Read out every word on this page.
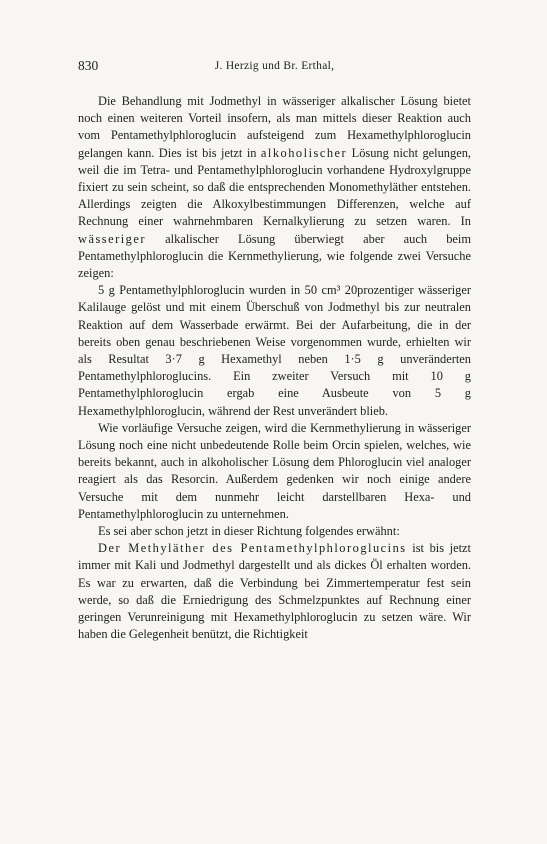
830	J. Herzig und Br. Erthal,

Die Behandlung mit Jodmethyl in wässeriger alkalischer Lösung bietet noch einen weiteren Vorteil insofern, als man mittels dieser Reaktion auch vom Pentamethylphloroglucin aufsteigend zum Hexamethylphloroglucin gelangen kann. Dies ist bis jetzt in alkoholischer Lösung nicht gelungen, weil die im Tetra- und Pentamethylphloroglucin vorhandene Hydroxylgruppe fixiert zu sein scheint, so daß die entsprechenden Monomethyläther entstehen. Allerdings zeigten die Alkoxylbestimmungen Differenzen, welche auf Rechnung einer wahrnehmbaren Kernalkylierung zu setzen waren. In wässeriger alkalischer Lösung überwiegt aber auch beim Pentamethylphloroglucin die Kernmethylierung, wie folgende zwei Versuche zeigen:

5 g Pentamethylphloroglucin wurden in 50 cm³ 20prozentiger wässeriger Kalilauge gelöst und mit einem Überschuß von Jodmethyl bis zur neutralen Reaktion auf dem Wasserbade erwärmt. Bei der Aufarbeitung, die in der bereits oben genau beschriebenen Weise vorgenommen wurde, erhielten wir als Resultat 3·7 g Hexamethyl neben 1·5 g unveränderten Pentamethylphloroglucins. Ein zweiter Versuch mit 10 g Pentamethylphloroglucin ergab eine Ausbeute von 5 g Hexamethylphloroglucin, während der Rest unverändert blieb.

Wie vorläufige Versuche zeigen, wird die Kernmethylierung in wässeriger Lösung noch eine nicht unbedeutende Rolle beim Orcin spielen, welches, wie bereits bekannt, auch in alkoholischer Lösung dem Phloroglucin viel analoger reagiert als das Resorcin. Außerdem gedenken wir noch einige andere Versuche mit dem nunmehr leicht darstellbaren Hexa- und Pentamethylphloroglucin zu unternehmen.

Es sei aber schon jetzt in dieser Richtung folgendes erwähnt:

Der Methyläther des Pentamethylphloroglucins ist bis jetzt immer mit Kali und Jodmethyl dargestellt und als dickes Öl erhalten worden. Es war zu erwarten, daß die Verbindung bei Zimmertemperatur fest sein werde, so daß die Erniedrigung des Schmelzpunktes auf Rechnung einer geringen Verunreinigung mit Hexamethylphloroglucin zu setzen wäre. Wir haben die Gelegenheit benützt, die Richtigkeit
